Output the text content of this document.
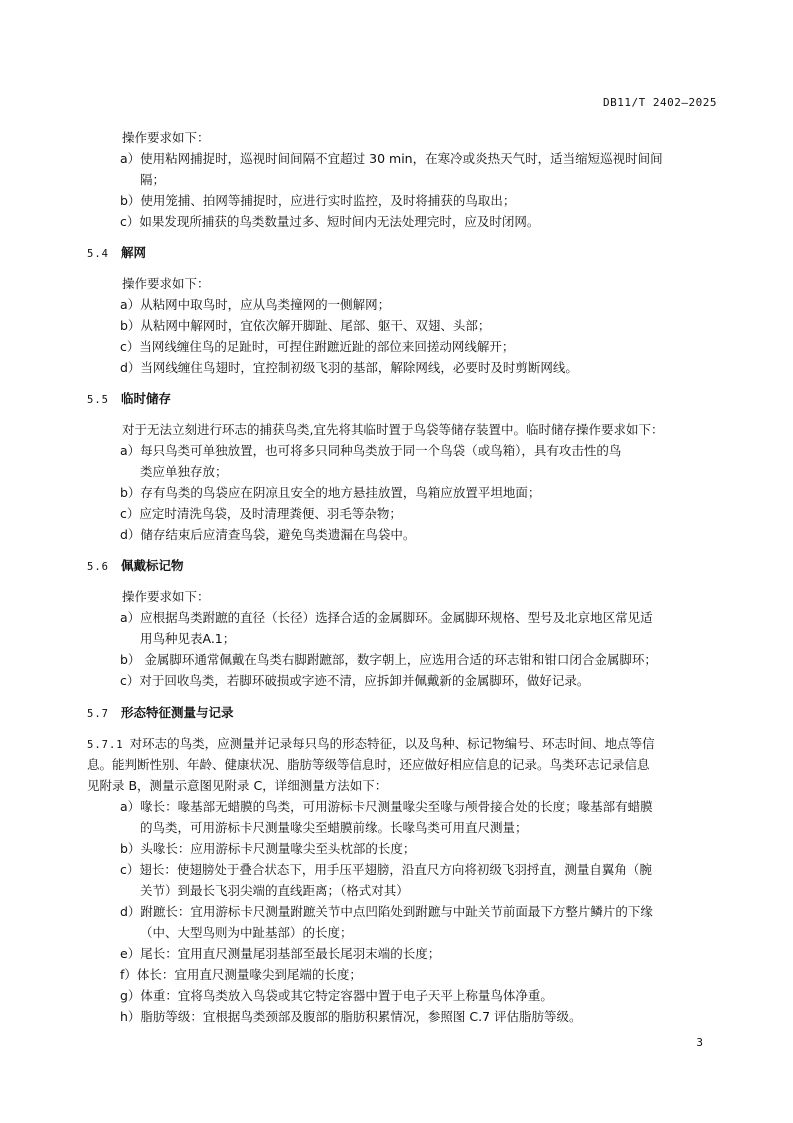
DB11/T 2402—2025
操作要求如下：
a）使用粘网捕捉时，巡视时间间隔不宜超过 30 min，在寒冷或炎热天气时，适当缩短巡视时间间
隔；
b）使用笼捕、拍网等捕捉时，应进行实时监控，及时将捕获的鸟取出；
c）如果发现所捕获的鸟类数量过多、短时间内无法处理完时，应及时闭网。
5.4 解网
操作要求如下：
a）从粘网中取鸟时，应从鸟类撞网的一侧解网；
b）从粘网中解网时，宜依次解开脚趾、尾部、躯干、双翅、头部；
c）当网线缠住鸟的足趾时，可捏住跗蹠近趾的部位来回搓动网线解开；
d）当网线缠住鸟翅时，宜控制初级飞羽的基部，解除网线，必要时及时剪断网线。
5.5 临时储存
对于无法立刻进行环志的捕获鸟类,宜先将其临时置于鸟袋等储存装置中。临时储存操作要求如下：
a）每只鸟类可单独放置，也可将多只同种鸟类放于同一个鸟袋（或鸟箱），具有攻击性的鸟
类应单独存放；
b）存有鸟类的鸟袋应在阴凉且安全的地方悬挂放置，鸟箱应放置平坦地面；
c）应定时清洗鸟袋，及时清理粪便、羽毛等杂物；
d）储存结束后应清查鸟袋，避免鸟类遗漏在鸟袋中。
5.6 佩戴标记物
操作要求如下：
a）应根据鸟类跗蹠的直径（长径）选择合适的金属脚环。金属脚环规格、型号及北京地区常见适
用鸟种见表A.1；
b） 金属脚环通常佩戴在鸟类右脚跗蹠部，数字朝上，应选用合适的环志钳和钳口闭合金属脚环；
c）对于回收鸟类，若脚环破损或字迹不清，应拆卸并佩戴新的金属脚环，做好记录。
5.7 形态特征测量与记录
5.7.1 对环志的鸟类，应测量并记录每只鸟的形态特征，以及鸟种、标记物编号、环志时间、地点等信
息。能判断性别、年龄、健康状况、脂肪等级等信息时，还应做好相应信息的记录。鸟类环志记录信息
见附录 B，测量示意图见附录 C，详细测量方法如下：
a）喙长：喙基部无蜡膜的鸟类，可用游标卡尺测量喙尖至喙与颅骨接合处的长度；喙基部有蜡膜
的鸟类，可用游标卡尺测量喙尖至蜡膜前缘。长喙鸟类可用直尺测量；
b）头喙长：应用游标卡尺测量喙尖至头枕部的长度；
c）翅长：使翅膀处于叠合状态下，用手压平翅膀，沿直尺方向将初级飞羽捋直，测量自翼角（腕
关节）到最长飞羽尖端的直线距离；（格式对其）
d）跗蹠长：宜用游标卡尺测量跗蹠关节中点凹陷处到跗蹠与中趾关节前面最下方整片鳞片的下缘
（中、大型鸟则为中趾基部）的长度；
e）尾长：宜用直尺测量尾羽基部至最长尾羽末端的长度；
f）体长：宜用直尺测量喙尖到尾端的长度；
g）体重：宜将鸟类放入鸟袋或其它特定容器中置于电子天平上称量鸟体净重。
h）脂肪等级：宜根据鸟类颈部及腹部的脂肪积累情况，参照图 C.7 评估脂肪等级。
3
